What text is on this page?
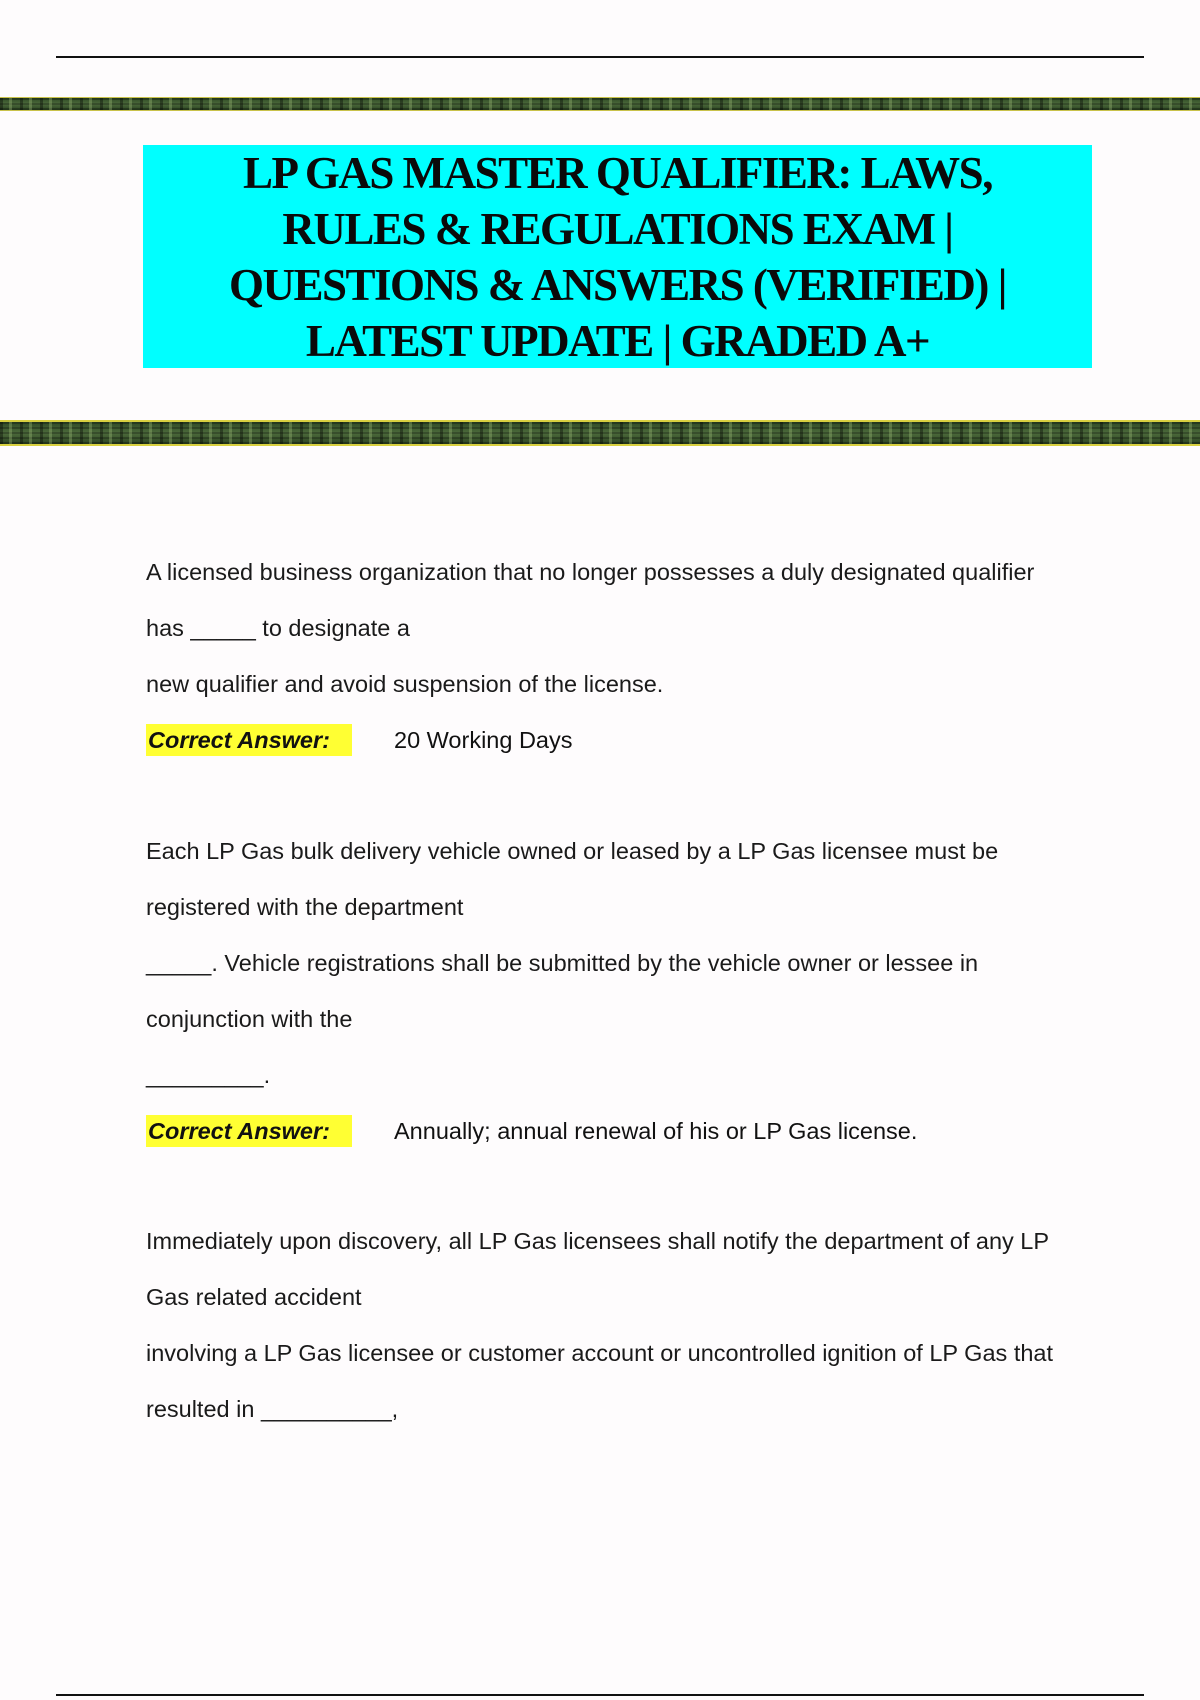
LP GAS MASTER QUALIFIER: LAWS,
RULES & REGULATIONS EXAM |
QUESTIONS & ANSWERS (VERIFIED) |
LATEST UPDATE | GRADED A+
A licensed business organization that no longer possesses a duly designated qualifier
has _____ to designate a
new qualifier and avoid suspension of the license.
Correct Answer:	20 Working Days
Each LP Gas bulk delivery vehicle owned or leased by a LP Gas licensee must be
registered with the department
_____. Vehicle registrations shall be submitted by the vehicle owner or lessee in
conjunction with the
_________.
Correct Answer:	Annually; annual renewal of his or LP Gas license.
Immediately upon discovery, all LP Gas licensees shall notify the department of any LP
Gas related accident
involving a LP Gas licensee or customer account or uncontrolled ignition of LP Gas that
resulted in __________,
